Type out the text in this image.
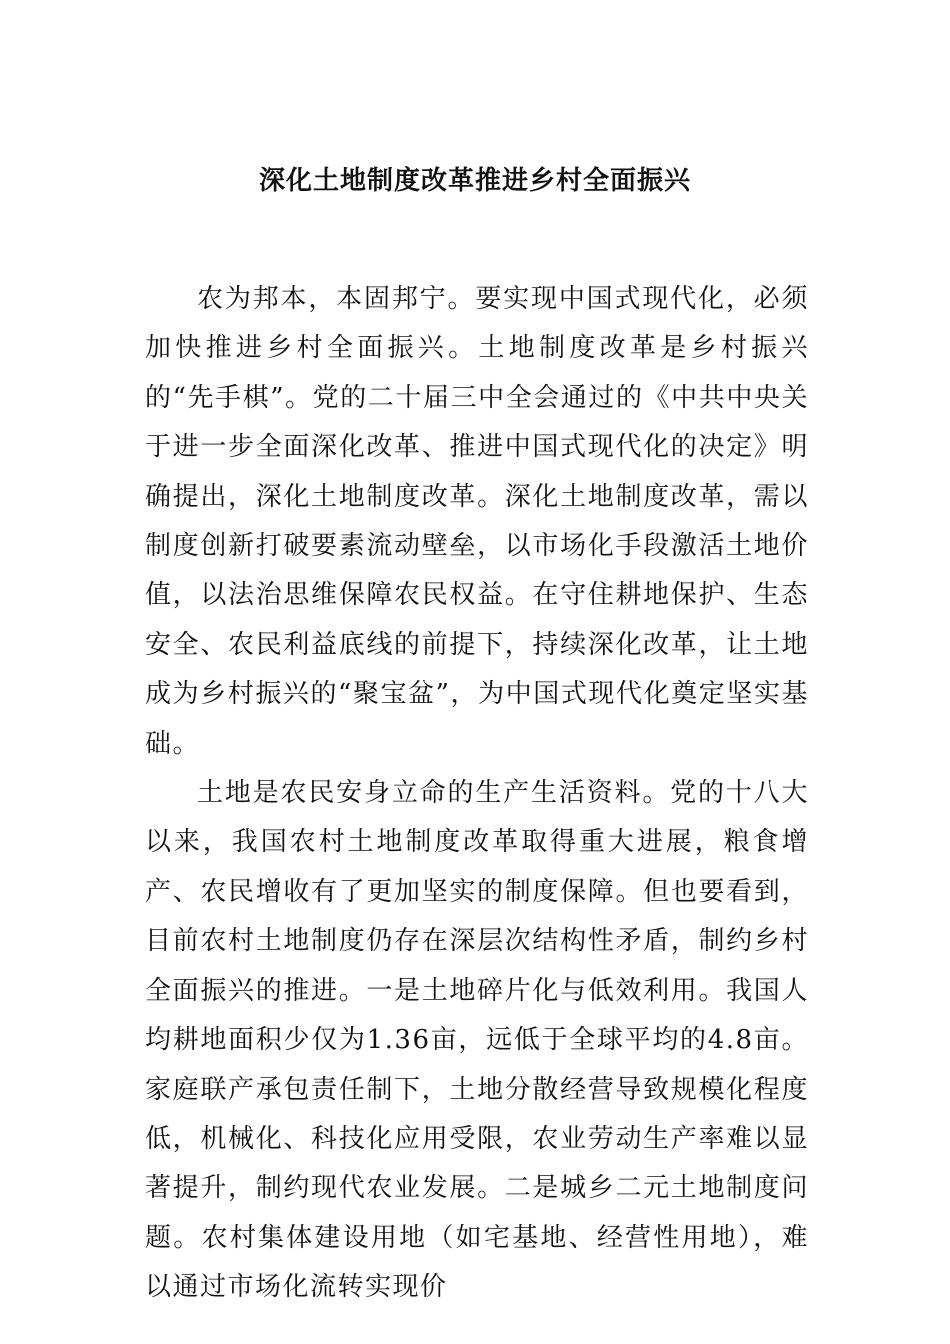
深化土地制度改革推进乡村全面振兴

农为邦本，本固邦宁。要实现中国式现代化，必须加快推进乡村全面振兴。土地制度改革是乡村振兴的“先手棋”。党的二十届三中全会通过的《中共中央关于进一步全面深化改革、推进中国式现代化的决定》明确提出，深化土地制度改革。深化土地制度改革，需以制度创新打破要素流动壁垒，以市场化手段激活土地价值，以法治思维保障农民权益。在守住耕地保护、生态安全、农民利益底线的前提下，持续深化改革，让土地成为乡村振兴的“聚宝盆”，为中国式现代化奠定坚实基础。

土地是农民安身立命的生产生活资料。党的十八大以来，我国农村土地制度改革取得重大进展，粮食增产、农民增收有了更加坚实的制度保障。但也要看到，目前农村土地制度仍存在深层次结构性矛盾，制约乡村全面振兴的推进。一是土地碎片化与低效利用。我国人均耕地面积少仅为1.36亩，远低于全球平均的4.8亩。家庭联产承包责任制下，土地分散经营导致规模化程度低，机械化、科技化应用受限，农业劳动生产率难以显著提升，制约现代农业发展。二是城乡二元土地制度问题。农村集体建设用地（如宅基地、经营性用地），难以通过市场化流转实现价
